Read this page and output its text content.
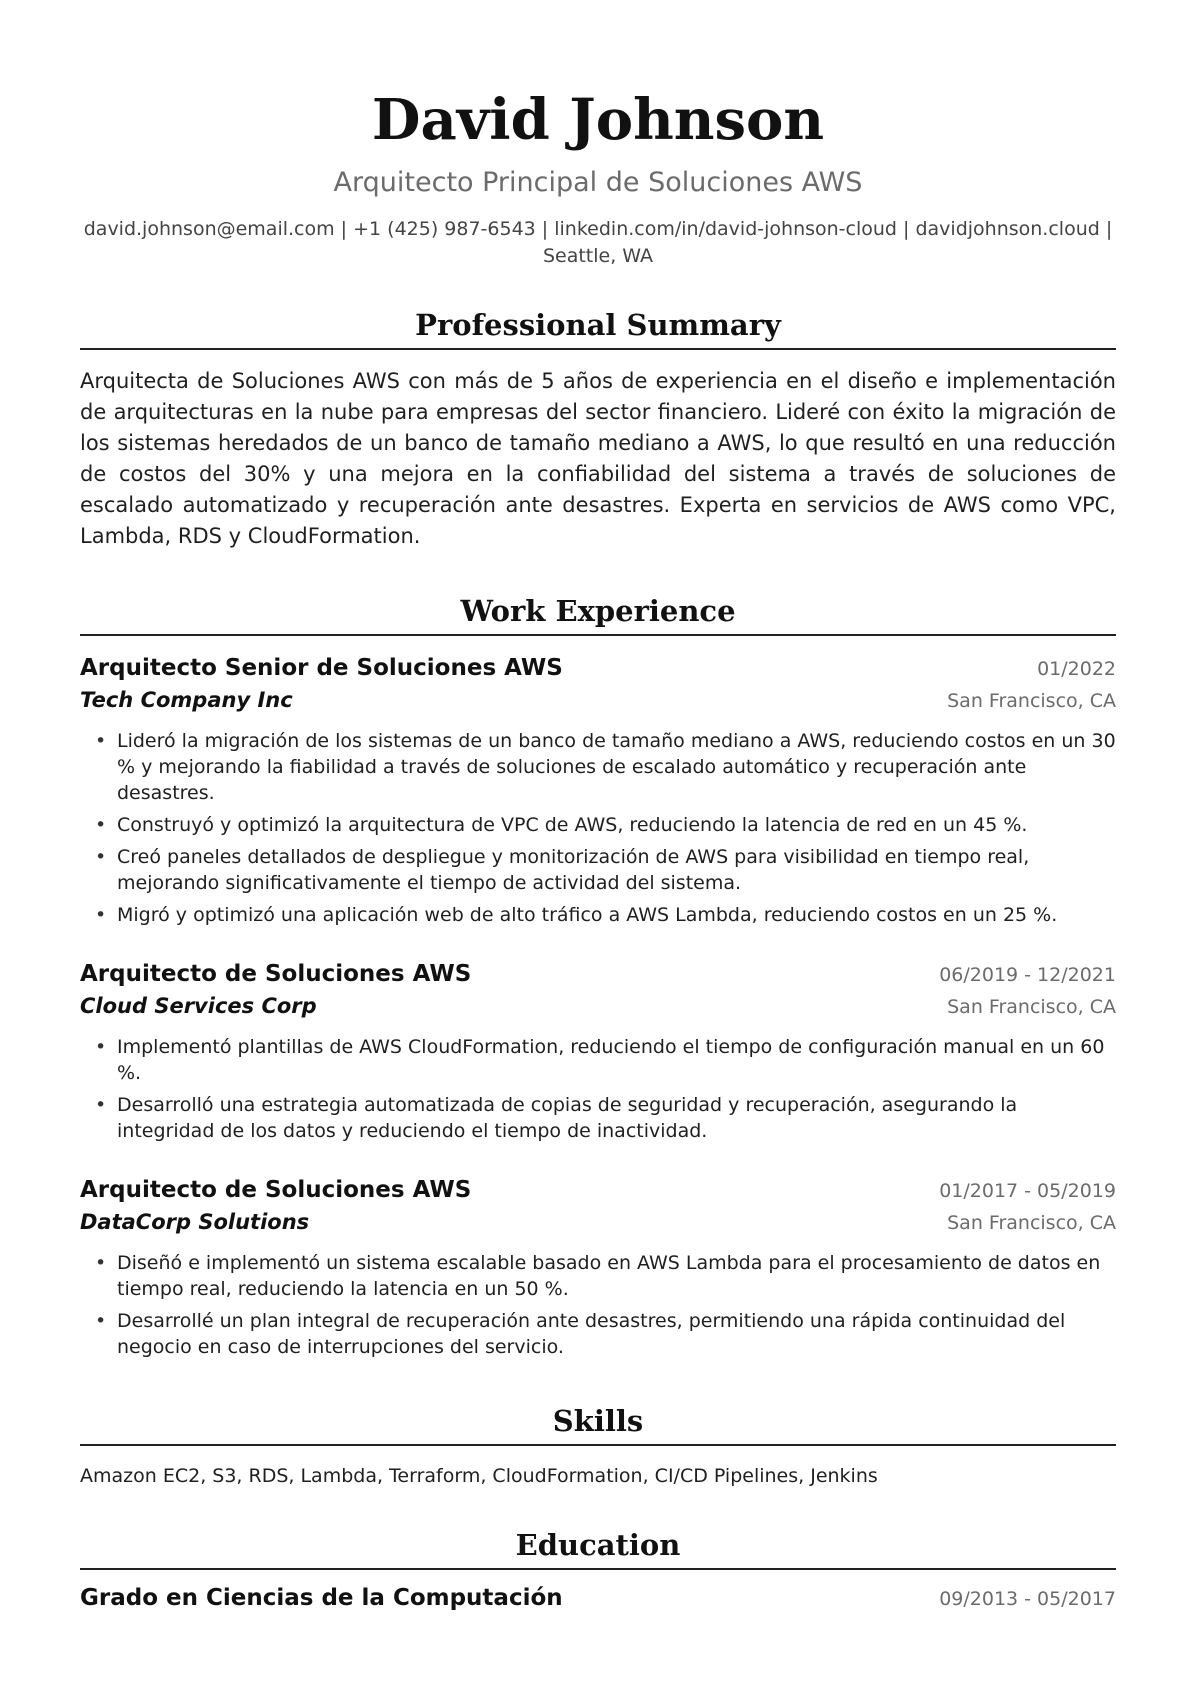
David Johnson
Arquitecto Principal de Soluciones AWS
david.johnson@email.com | +1 (425) 987-6543 | linkedin.com/in/david-johnson-cloud | davidjohnson.cloud |
Seattle, WA
Professional Summary
Arquitecta de Soluciones AWS con más de 5 años de experiencia en el diseño e implementación de arquitecturas en la nube para empresas del sector financiero. Lideré con éxito la migración de los sistemas heredados de un banco de tamaño mediano a AWS, lo que resultó en una reducción de costos del 30% y una mejora en la confiabilidad del sistema a través de soluciones de escalado automatizado y recuperación ante desastres. Experta en servicios de AWS como VPC, Lambda, RDS y CloudFormation.
Work Experience
Arquitecto Senior de Soluciones AWS	01/2022
Tech Company Inc	San Francisco, CA
• Lideró la migración de los sistemas de un banco de tamaño mediano a AWS, reduciendo costos en un 30 % y mejorando la fiabilidad a través de soluciones de escalado automático y recuperación ante desastres.
• Construyó y optimizó la arquitectura de VPC de AWS, reduciendo la latencia de red en un 45 %.
• Creó paneles detallados de despliegue y monitorización de AWS para visibilidad en tiempo real, mejorando significativamente el tiempo de actividad del sistema.
• Migró y optimizó una aplicación web de alto tráfico a AWS Lambda, reduciendo costos en un 25 %.
Arquitecto de Soluciones AWS	06/2019 - 12/2021
Cloud Services Corp	San Francisco, CA
• Implementó plantillas de AWS CloudFormation, reduciendo el tiempo de configuración manual en un 60 %.
• Desarrolló una estrategia automatizada de copias de seguridad y recuperación, asegurando la integridad de los datos y reduciendo el tiempo de inactividad.
Arquitecto de Soluciones AWS	01/2017 - 05/2019
DataCorp Solutions	San Francisco, CA
• Diseñó e implementó un sistema escalable basado en AWS Lambda para el procesamiento de datos en tiempo real, reduciendo la latencia en un 50 %.
• Desarrollé un plan integral de recuperación ante desastres, permitiendo una rápida continuidad del negocio en caso de interrupciones del servicio.
Skills
Amazon EC2, S3, RDS, Lambda, Terraform, CloudFormation, CI/CD Pipelines, Jenkins
Education
Grado en Ciencias de la Computación	09/2013 - 05/2017
